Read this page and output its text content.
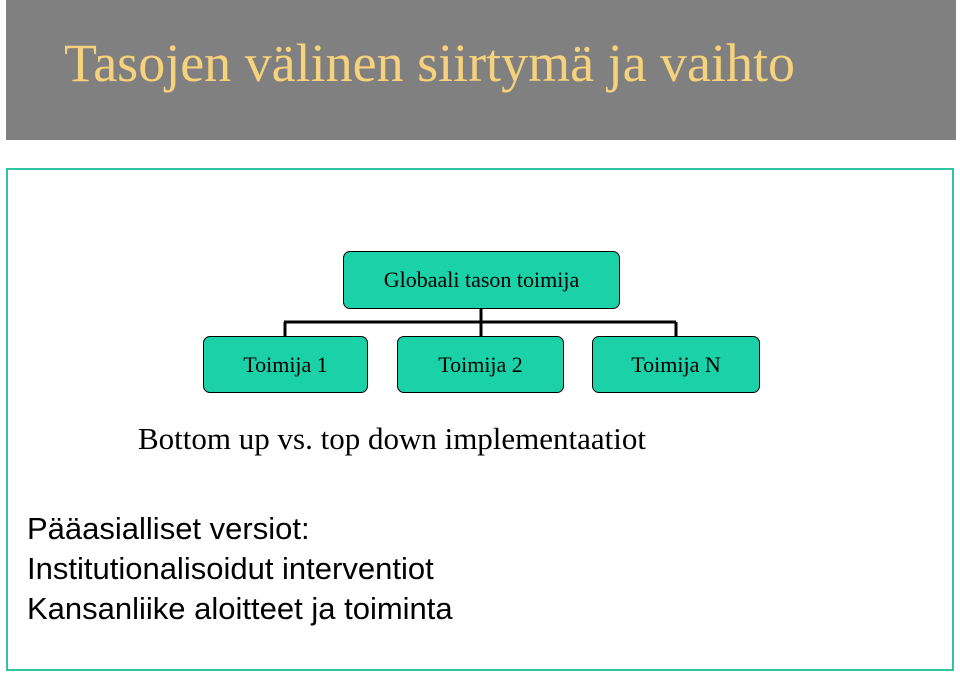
Tasojen välinen siirtymä ja vaihto
Globaali tason toimija
Toimija 1	Toimija 2	Toimija N
Bottom up vs. top down implementaatiot
Pääasialliset versiot:
Institutionalisoidut interventiot
Kansanliike aloitteet ja toiminta
